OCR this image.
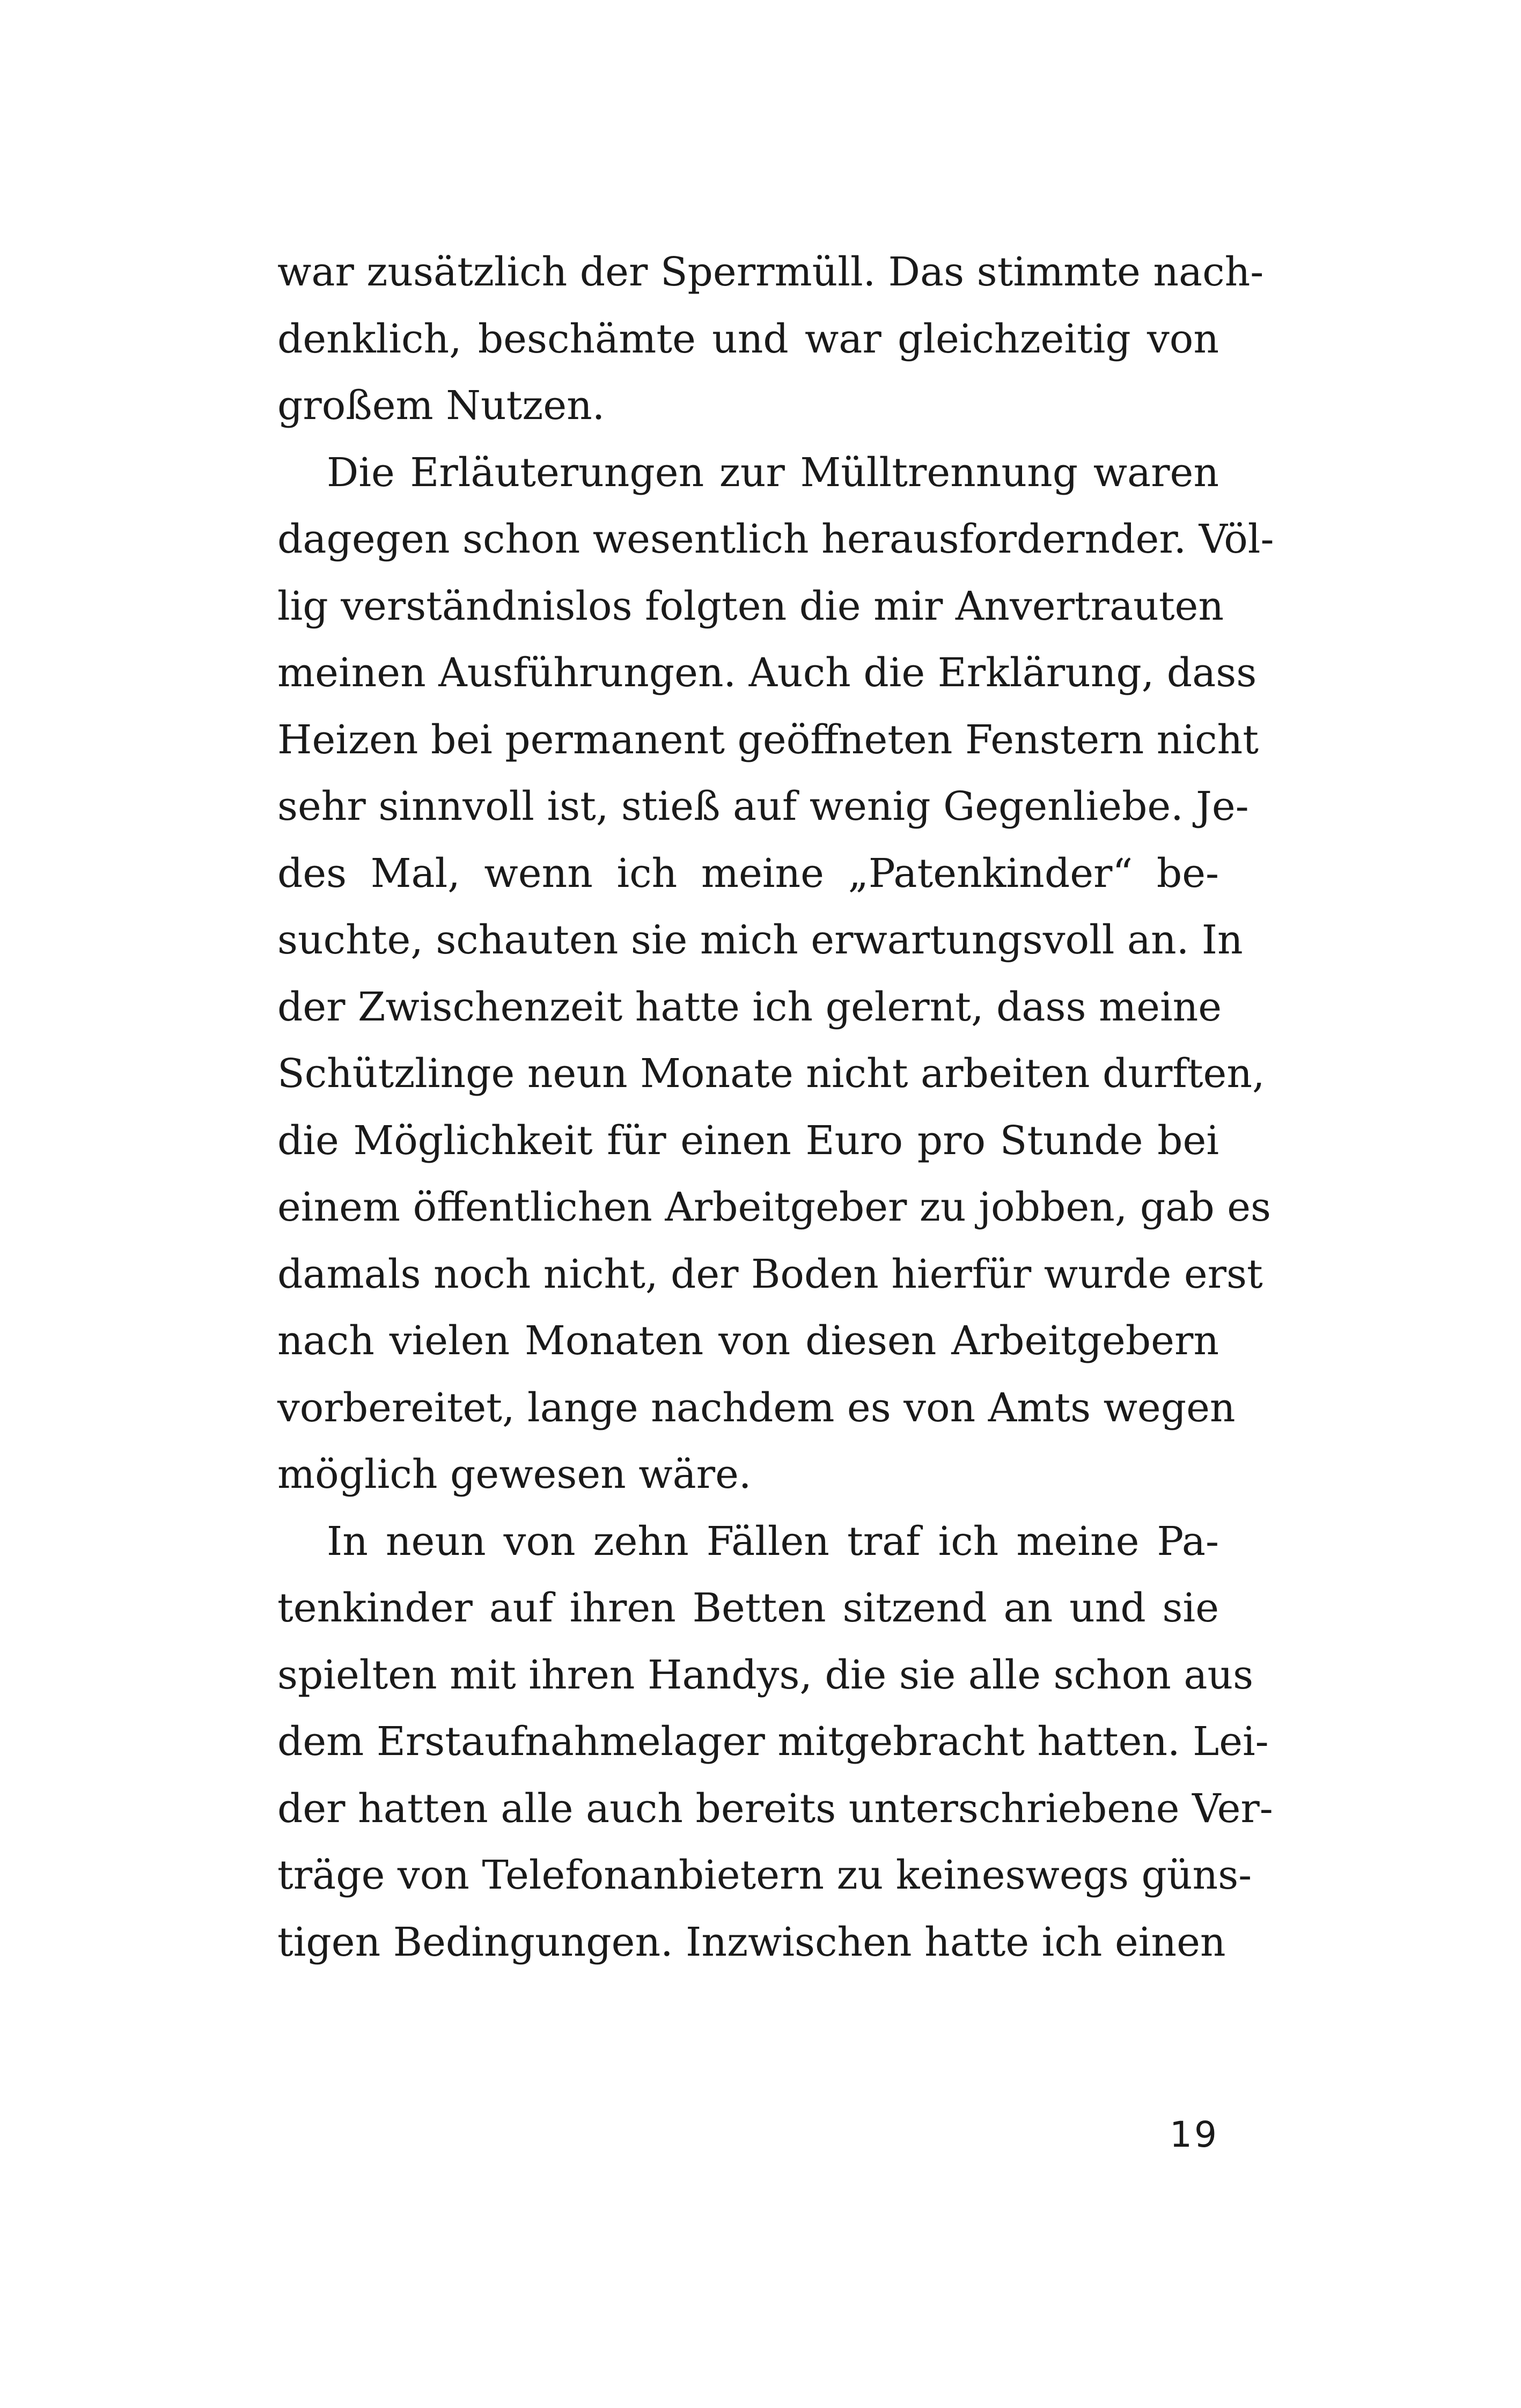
war zusätzlich der Sperrmüll. Das stimmte nach-
denklich, beschämte und war gleichzeitig von
großem Nutzen.

Die Erläuterungen zur Mülltrennung waren
dagegen schon wesentlich herausfordernder. Völ-
lig verständnislos folgten die mir Anvertrauten
meinen Ausführungen. Auch die Erklärung, dass
Heizen bei permanent geöffneten Fenstern nicht
sehr sinnvoll ist, stieß auf wenig Gegenliebe. Je-
des Mal, wenn ich meine „Patenkinder“ be-
suchte, schauten sie mich erwartungsvoll an. In
der Zwischenzeit hatte ich gelernt, dass meine
Schützlinge neun Monate nicht arbeiten durften,
die Möglichkeit für einen Euro pro Stunde bei
einem öffentlichen Arbeitgeber zu jobben, gab es
damals noch nicht, der Boden hierfür wurde erst
nach vielen Monaten von diesen Arbeitgebern
vorbereitet, lange nachdem es von Amts wegen
möglich gewesen wäre.

In neun von zehn Fällen traf ich meine Pa-
tenkinder auf ihren Betten sitzend an und sie
spielten mit ihren Handys, die sie alle schon aus
dem Erstaufnahmelager mitgebracht hatten. Lei-
der hatten alle auch bereits unterschriebene Ver-
träge von Telefonanbietern zu keineswegs güns-
tigen Bedingungen. Inzwischen hatte ich einen

19
